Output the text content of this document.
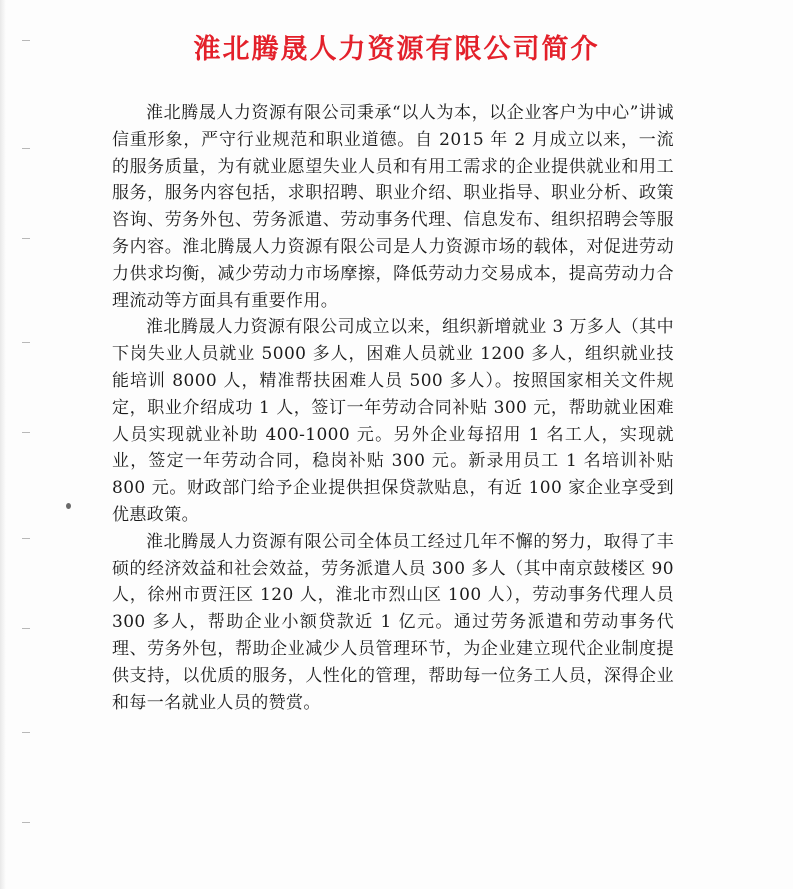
淮北腾晟人力资源有限公司简介

淮北腾晟人力资源有限公司秉承“以人为本，以企业客户为中心”讲诚信重形象，严守行业规范和职业道德。自 2015 年 2 月成立以来，一流的服务质量，为有就业愿望失业人员和有用工需求的企业提供就业和用工服务，服务内容包括，求职招聘、职业介绍、职业指导、职业分析、政策咨询、劳务外包、劳务派遣、劳动事务代理、信息发布、组织招聘会等服务内容。淮北腾晟人力资源有限公司是人力资源市场的载体，对促进劳动力供求均衡，减少劳动力市场摩擦，降低劳动力交易成本，提高劳动力合理流动等方面具有重要作用。

淮北腾晟人力资源有限公司成立以来，组织新增就业 3 万多人（其中下岗失业人员就业 5000 多人，困难人员就业 1200 多人，组织就业技能培训 8000 人，精准帮扶困难人员 500 多人）。按照国家相关文件规定，职业介绍成功 1 人，签订一年劳动合同补贴 300 元，帮助就业困难人员实现就业补助 400-1000 元。另外企业每招用 1 名工人，实现就业，签定一年劳动合同，稳岗补贴 300 元。新录用员工 1 名培训补贴 800 元。财政部门给予企业提供担保贷款贴息，有近 100 家企业享受到优惠政策。

淮北腾晟人力资源有限公司全体员工经过几年不懈的努力，取得了丰硕的经济效益和社会效益，劳务派遣人员 300 多人（其中南京鼓楼区 90 人，徐州市贾汪区 120 人，淮北市烈山区 100 人），劳动事务代理人员 300 多人，帮助企业小额贷款近 1 亿元。通过劳务派遣和劳动事务代理、劳务外包，帮助企业减少人员管理环节，为企业建立现代企业制度提供支持，以优质的服务，人性化的管理，帮助每一位务工人员，深得企业和每一名就业人员的赞赏。
